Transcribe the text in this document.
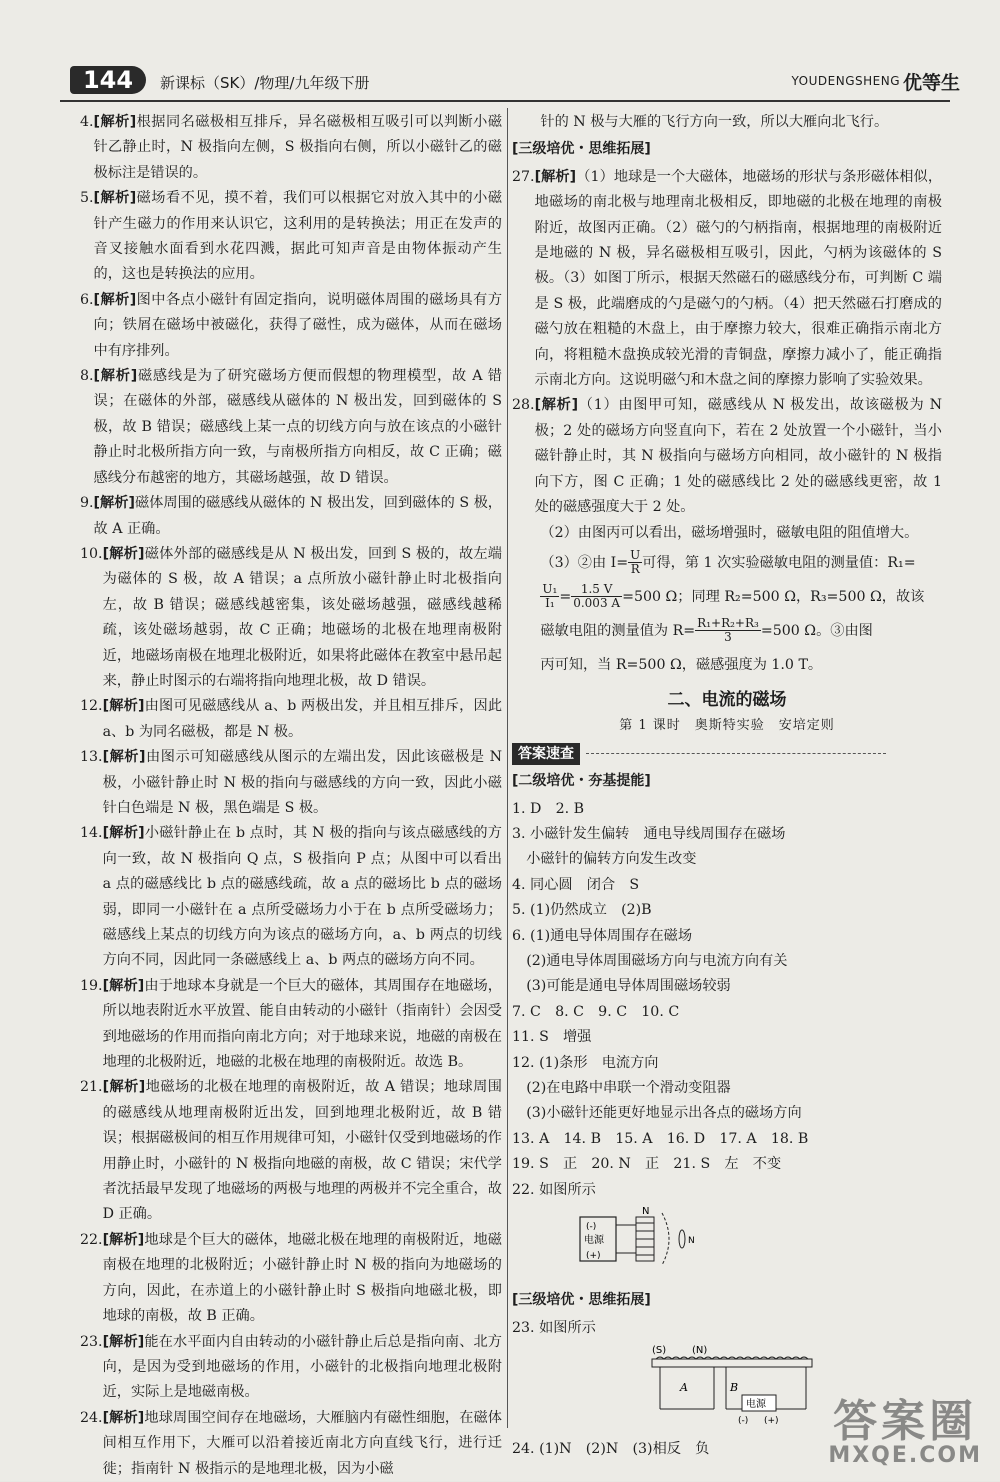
144	新课标（SK）/物理/九年级下册	YOUDENGSHENG 优等生
4. [解析]根据同名磁极相互排斥，异名磁极相互吸引可以判断小磁针乙静止时，N 极指向左侧，S 极指向右侧，所以小磁针乙的磁极标注是错误的。
5. [解析]磁场看不见，摸不着，我们可以根据它对放入其中的小磁针产生磁力的作用来认识它，这利用的是转换法；用正在发声的音叉接触水面看到水花四溅，据此可知声音是由物体振动产生的，这也是转换法的应用。
6. [解析]图中各点小磁针有固定指向，说明磁体周围的磁场具有方向；铁屑在磁场中被磁化，获得了磁性，成为磁体，从而在磁场中有序排列。
8. [解析]磁感线是为了研究磁场方便而假想的物理模型，故 A 错误；在磁体的外部，磁感线从磁体的 N 极出发，回到磁体的 S 极，故 B 错误；磁感线上某一点的切线方向与放在该点的小磁针静止时北极所指方向一致，与南极所指方向相反，故 C 正确；磁感线分布越密的地方，其磁场越强，故 D 错误。
9. [解析]磁体周围的磁感线从磁体的 N 极出发，回到磁体的 S 极，故 A 正确。
10. [解析]磁体外部的磁感线是从 N 极出发，回到 S 极的，故左端为磁体的 S 极，故 A 错误；a 点所放小磁针静止时北极指向左，故 B 错误；磁感线越密集，该处磁场越强，磁感线越稀疏，该处磁场越弱，故 C 正确；地磁场的北极在地理南极附近，地磁场南极在地理北极附近，如果将此磁体在教室中悬吊起来，静止时图示的右端将指向地理北极，故 D 错误。
12. [解析]由图可见磁感线从 a、b 两极出发，并且相互排斥，因此 a、b 为同名磁极，都是 N 极。
13. [解析]由图示可知磁感线从图示的左端出发，因此该磁极是 N 极，小磁针静止时 N 极的指向与磁感线的方向一致，因此小磁针白色端是 N 极，黑色端是 S 极。
14. [解析]小磁针静止在 b 点时，其 N 极的指向与该点磁感线的方向一致，故 N 极指向 Q 点，S 极指向 P 点；从图中可以看出 a 点的磁感线比 b 点的磁感线疏，故 a 点的磁场比 b 点的磁场弱，即同一小磁针在 a 点所受磁场力小于在 b 点所受磁场力；磁感线上某点的切线方向为该点的磁场方向，a、b 两点的切线方向不同，因此同一条磁感线上 a、b 两点的磁场方向不同。
19. [解析]由于地球本身就是一个巨大的磁体，其周围存在地磁场，所以地表附近水平放置、能自由转动的小磁针（指南针）会因受到地磁场的作用而指向南北方向；对于地球来说，地磁的南极在地理的北极附近，地磁的北极在地理的南极附近。故选 B。
21. [解析]地磁场的北极在地理的南极附近，故 A 错误；地球周围的磁感线从地理南极附近出发，回到地理北极附近，故 B 错误；根据磁极间的相互作用规律可知，小磁针仅受到地磁场的作用静止时，小磁针的 N 极指向地磁的南极，故 C 错误；宋代学者沈括最早发现了地磁场的两极与地理的两极并不完全重合，故 D 正确。
22. [解析]地球是个巨大的磁体，地磁北极在地理的南极附近，地磁南极在地理的北极附近；小磁针静止时 N 极的指向为地磁场的方向，因此，在赤道上的小磁针静止时 S 极指向地磁北极，即地球的南极，故 B 正确。
23. [解析]能在水平面内自由转动的小磁针静止后总是指向南、北方向，是因为受到地磁场的作用，小磁针的北极指向地理北极附近，实际上是地磁南极。
24. [解析]地球周围空间存在地磁场，大雁脑内有磁性细胞，在磁体间相互作用下，大雁可以沿着接近南北方向直线飞行，进行迁徙；指南针 N 极指示的是地理北极，因为小磁

针的 N 极与大雁的飞行方向一致，所以大雁向北飞行。
[三级培优・思维拓展]
27. [解析]（1）地球是一个大磁体，地磁场的形状与条形磁体相似，地磁场的南北极与地理南北极相反，即地磁的北极在地理的南极附近，故图丙正确。（2）磁勺的勺柄指南，根据地理的南极附近是地磁的 N 极，异名磁极相互吸引，因此，勺柄为该磁体的 S 极。（3）如图丁所示，根据天然磁石的磁感线分布，可判断 C 端是 S 极，此端磨成的勺是磁勺的勺柄。（4）把天然磁石打磨成的磁勺放在粗糙的木盘上，由于摩擦力较大，很难正确指示南北方向，将粗糙木盘换成较光滑的青铜盘，摩擦力减小了，能正确指示南北方向。这说明磁勺和木盘之间的摩擦力影响了实验效果。
28. [解析]（1）由图甲可知，磁感线从 N 极发出，故该磁极为 N 极；2 处的磁场方向竖直向下，若在 2 处放置一个小磁针，当小磁针静止时，其 N 极指向与磁场方向相同，故小磁针的 N 极指向下方，图 C 正确；1 处的磁感线比 2 处的磁感线更密，故 1 处的磁感强度大于 2 处。

（2）由图丙可以看出，磁场增强时，磁敏电阻的阻值增大。

（3）②由 $I= \frac{U}{R}$ 可得，第 1 次实验磁敏电阻的测量值：R₁=

$\frac{\text{U₁}}{\text{I₁}} = \frac{1.5 V}{0.003 A} =500$ Ω；同理 R₂=500 Ω，R₃=500 Ω，故该
磁敏电阻的测量值为 $R= \frac{\text{R₁+R₂+R₃}}{3} =500$ Ω。③由图
丙可知，当 R=500 Ω，磁感强度为 1.0 T。
二、电流的磁场
第 1 课时　奥斯特实验　安培定则
答案速查
[二级培优・夯基提能]
1. D　2. B
3. 小磁针发生偏转　通电导线周围存在磁场
　小磁针的偏转方向发生改变
4. 同心圆　闭合　S
5. (1)仍然成立　(2)B
6. (1)通电导体周围存在磁场
　(2)通电导体周围磁场方向与电流方向有关
　(3)可能是通电导体周围磁场较弱
7. C　8. C　9. C　10. C
11. S　增强
12. (1)条形　电流方向
　(2)在电路中串联一个滑动变阻器
　(3)小磁针还能更好地显示出各点的磁场方向
13. A　14. B　15. A　16. D　17. A　18. B
19. S　正　20. N　正　21. S　左　不变
22. 如图所示
(-)
(+)
电源
N
N
[三级培优・思维拓展]
23. 如图所示
(S)	(N)
A	B
电源
(-) (+)
24. (1)N　(2)N　(3)相反　负
答案圈
MXQE.COM
